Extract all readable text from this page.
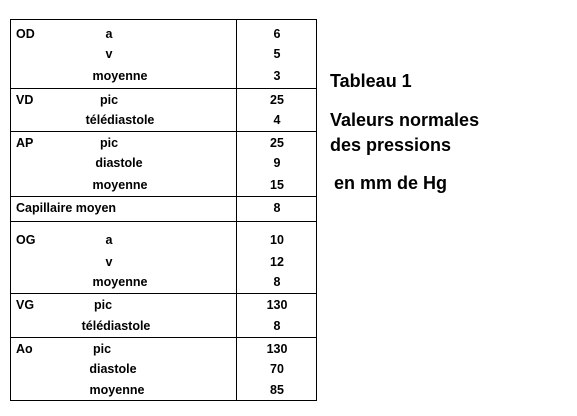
OD	a	6
v	5
moyenne	3
VD	pic	25
télédiastole	4
AP	pic	25
diastole	9
moyenne	15
Capillaire moyen	8
OG	a	10
v	12
moyenne	8
VG	pic	130
télédiastole	8
Ao	pic	130
diastole	70
moyenne	85
Tableau 1
Valeurs normales
des pressions
en mm de Hg
